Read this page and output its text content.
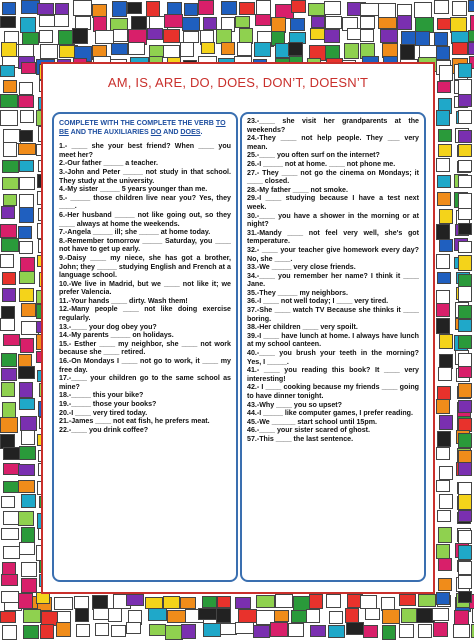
AM, IS, ARE, DO, DOES, DON’T, DOESN’T

COMPLETE WITH THE COMPLETE THE VERB TO BE AND THE AUXILIARIES DO AND DOES.

1.- ____ she your best friend? When ____ you meet her?

2.-Our father _____ a teacher.

3.-John and Peter _____ not study in that school. They study at the university.

4.-My sister _____ 5 years younger than me.

5.- _____ those children live near you? Yes, they ____.

6.-Her husband _____ not like going out, so they ____ always at home the weekends.

7.-Angela _____ ill; she _____ at home today.

8.-Remember tomorrow _____ Saturday, you ____ not have to get up early.

9.-Daisy ____ my niece, she has got a brother, John; they _____ studying English and French at a language school.

10.-We live in Madrid, but we ____ not like it; we prefer Valencia.

11.-Your hands ____ dirty. Wash them!

12.-Many people ____ not like doing exercise regularly.

13.-____ your dog obey you?

14.-My parents _____ on holidays.

15.- Esther ____ my neighbor, she ____ not work because she ____ retired.

16.-On Mondays I ____ not go to work, it ____ my free day.

17.-____ your children go to the same school as mine?

18.-_____ this your bike?

19.-_____ those your books?

20.-I ____ very tired today.

21.-James ____ not eat fish, he prefers meat.

22.-____ you drink coffee?

23.-____ she visit her grandparents at the weekends?

24.-They ____ not help people. They ___ very mean.

25.-____ you often surf on the internet?

26.-I _____ not at home. ____ not phone me.

27.- They ____ not go the cinema on Mondays; it ____ closed.

28.-My father ____ not smoke.

29.-I ____ studying because I have a test next week.

30.-____ you have a shower in the morning or at night?

31.-Mandy ____ not feel very well, she's got temperature.

32.- ____ your teacher give homework every day? No, she ____.

33.-We _____ very close friends.

34.-____ you remember her name? I think it ____ Jane.

35.-They _____ my neighbors.

36.-I ____ not well today; I ____ very tired.

37.-She ____ watch TV Because she thinks it ____ boring.

38.-Her children ____ very spoilt.

39.-I ____ have lunch at home. I always have lunch at my school canteen.

40.-____ you brush your teeth in the morning? Yes, I _____.

41.- ____ you reading this book? It ____ very interesting!

42.- I ____ cooking because my friends ____ going to have dinner tonight.

43.-Why ____ you so upset?

44.-I _____ like computer games, I prefer reading.

45.-We ______ start school until 15pm.

46.-____ your sister scared of ghost.

57.-This ____ the last sentence.
